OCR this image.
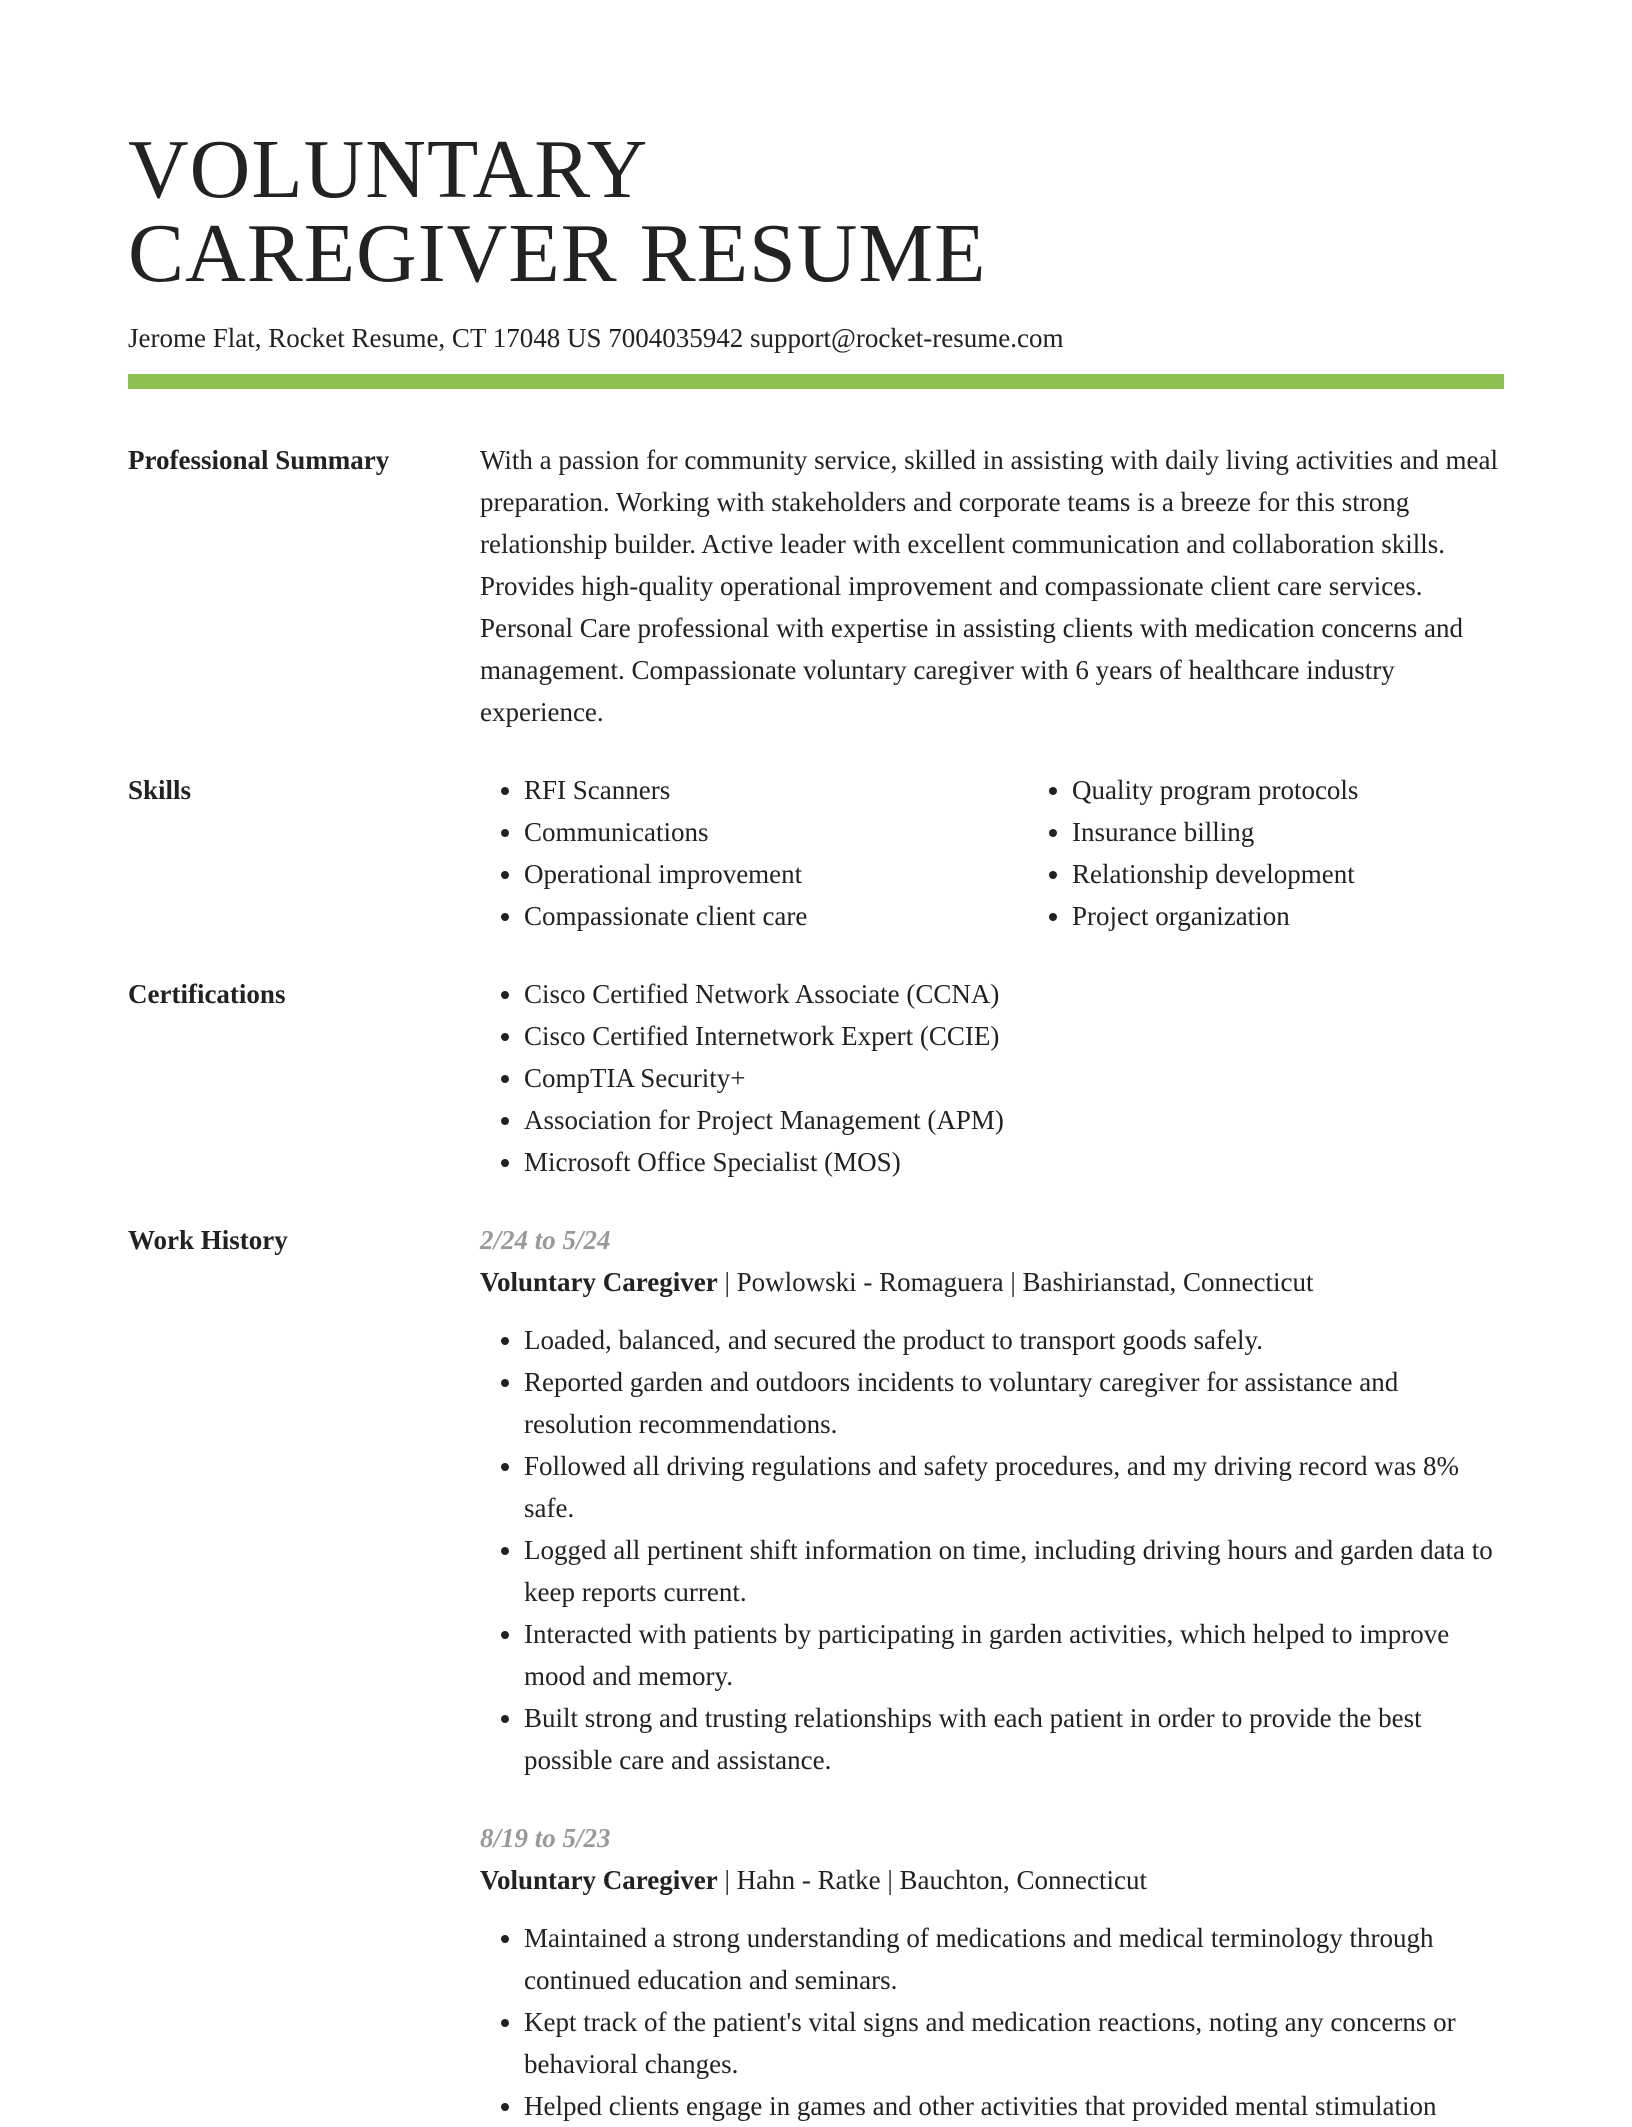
VOLUNTARY
CAREGIVER RESUME
Jerome Flat, Rocket Resume, CT 17048 US 7004035942 support@rocket-resume.com
Professional Summary	With a passion for community service, skilled in assisting with daily living activities and meal preparation. Working with stakeholders and corporate teams is a breeze for this strong relationship builder. Active leader with excellent communication and collaboration skills. Provides high-quality operational improvement and compassionate client care services. Personal Care professional with expertise in assisting clients with medication concerns and management. Compassionate voluntary caregiver with 6 years of healthcare industry experience.

Skills	• RFI Scanners
• Communications
• Operational improvement
• Compassionate client care
• Quality program protocols
• Insurance billing
• Relationship development
• Project organization
Certifications	• Cisco Certified Network Associate (CCNA)
• Cisco Certified Internetwork Expert (CCIE)
• CompTIA Security+
• Association for Project Management (APM)
• Microsoft Office Specialist (MOS)
Work History	2/24 to 5/24
Voluntary Caregiver | Powlowski - Romaguera | Bashirianstad, Connecticut
• Loaded, balanced, and secured the product to transport goods safely.
• Reported garden and outdoors incidents to voluntary caregiver for assistance and resolution recommendations.
• Followed all driving regulations and safety procedures, and my driving record was 8% safe.
• Logged all pertinent shift information on time, including driving hours and garden data to keep reports current.
• Interacted with patients by participating in garden activities, which helped to improve mood and memory.
• Built strong and trusting relationships with each patient in order to provide the best possible care and assistance.
8/19 to 5/23
Voluntary Caregiver | Hahn - Ratke | Bauchton, Connecticut
• Maintained a strong understanding of medications and medical terminology through continued education and seminars.
• Kept track of the patient's vital signs and medication reactions, noting any concerns or behavioral changes.
• Helped clients engage in games and other activities that provided mental stimulation
